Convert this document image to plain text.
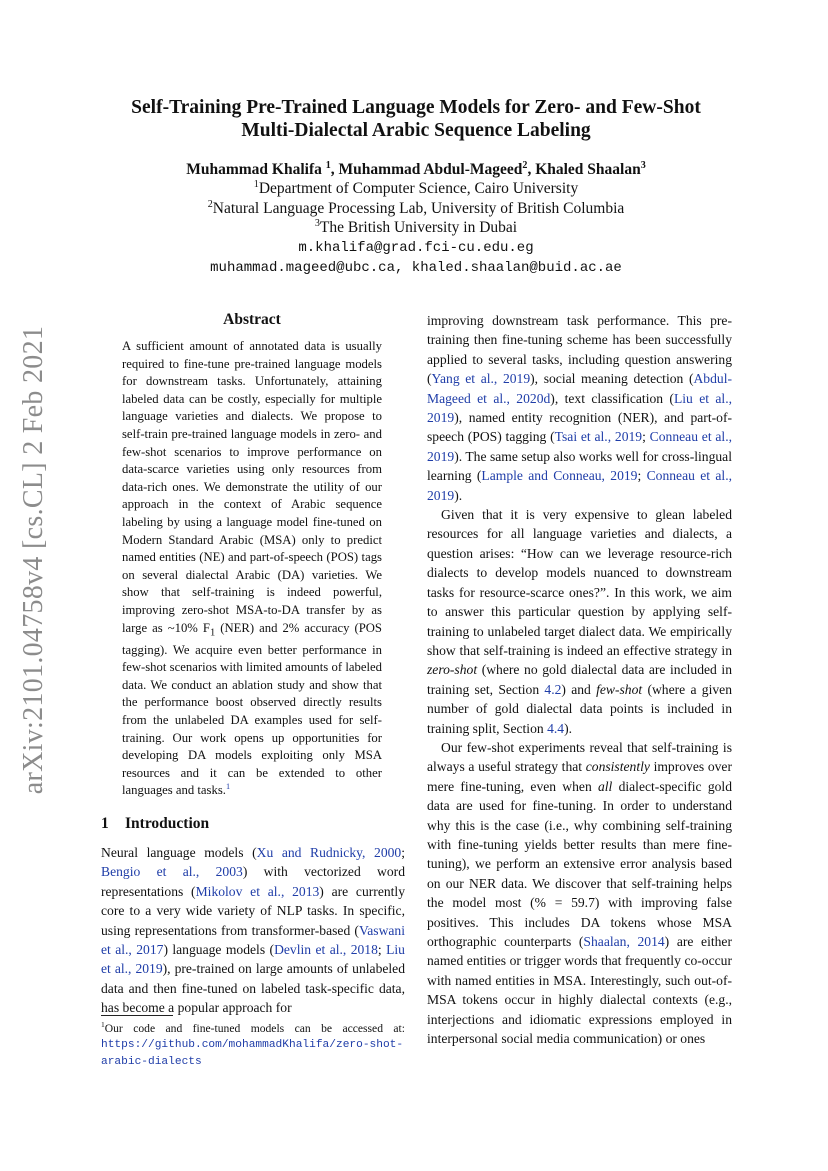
arXiv:2101.04758v4 [cs.CL] 2 Feb 2021
Self-Training Pre-Trained Language Models for Zero- and Few-Shot
Multi-Dialectal Arabic Sequence Labeling
Muhammad Khalifa $^1$, Muhammad Abdul-Mageed$^2$, Khaled Shaalan$^3$
$^1$Department of Computer Science, Cairo University
$^2$Natural Language Processing Lab, University of British Columbia
$^3$The British University in Dubai
m.khalifa@grad.fci-cu.edu.eg
muhammad.mageed@ubc.ca, khaled.shaalan@buid.ac.ae
Abstract
A sufficient amount of annotated data is usually required to fine-tune pre-trained language models for downstream tasks. Unfortunately, attaining labeled data can be costly, especially for multiple language varieties and dialects. We propose to self-train pre-trained language models in zero- and few-shot scenarios to improve performance on data-scarce varieties using only resources from data-rich ones. We demonstrate the utility of our approach in the context of Arabic sequence labeling by using a language model fine-tuned on Modern Standard Arabic (MSA) only to predict named entities (NE) and part-of-speech (POS) tags on several dialectal Arabic (DA) varieties. We show that self-training is indeed powerful, improving zero-shot MSA-to-DA transfer by as large as ~10% $F_1$ (NER) and 2% accuracy (POS tagging). We acquire even better performance in few-shot scenarios with limited amounts of labeled data. We conduct an ablation study and show that the performance boost observed directly results from the unlabeled DA examples used for self-training. Our work opens up opportunities for developing DA models exploiting only MSA resources and it can be extended to other languages and tasks.$^1$
1 Introduction

Neural language models (Xu and Rudnicky, 2000; Bengio et al., 2003) with vectorized word representations (Mikolov et al., 2013) are currently core to a very wide variety of NLP tasks. In specific, using representations from transformer-based (Vaswani et al., 2017) language models (Devlin et al., 2018; Liu et al., 2019), pre-trained on large amounts of unlabeled data and then fine-tuned on labeled task-specific data, has become a popular approach for

$^1$Our code and fine-tuned models can be accessed at: https://github.com/mohammadKhalifa/zero-shot-arabic-dialects

improving downstream task performance. This pre-training then fine-tuning scheme has been successfully applied to several tasks, including question answering (Yang et al., 2019), social meaning detection (Abdul-Mageed et al., 2020d), text classification (Liu et al., 2019), named entity recognition (NER), and part-of-speech (POS) tagging (Tsai et al., 2019; Conneau et al., 2019). The same setup also works well for cross-lingual learning (Lample and Conneau, 2019; Conneau et al., 2019).

Given that it is very expensive to glean labeled resources for all language varieties and dialects, a question arises: “How can we leverage resource-rich dialects to develop models nuanced to downstream tasks for resource-scarce ones?”. In this work, we aim to answer this particular question by applying self-training to unlabeled target dialect data. We empirically show that self-training is indeed an effective strategy in zero-shot (where no gold dialectal data are included in training set, Section 4.2) and few-shot (where a given number of gold dialectal data points is included in training split, Section 4.4).

Our few-shot experiments reveal that self-training is always a useful strategy that consistently improves over mere fine-tuning, even when all dialect-specific gold data are used for fine-tuning. In order to understand why this is the case (i.e., why combining self-training with fine-tuning yields better results than mere fine-tuning), we perform an extensive error analysis based on our NER data. We discover that self-training helps the model most (% = 59.7) with improving false positives. This includes DA tokens whose MSA orthographic counterparts (Shaalan, 2014) are either named entities or trigger words that frequently co-occur with named entities in MSA. Interestingly, such out-of-MSA tokens occur in highly dialectal contexts (e.g., interjections and idiomatic expressions employed in interpersonal social media communication) or ones
